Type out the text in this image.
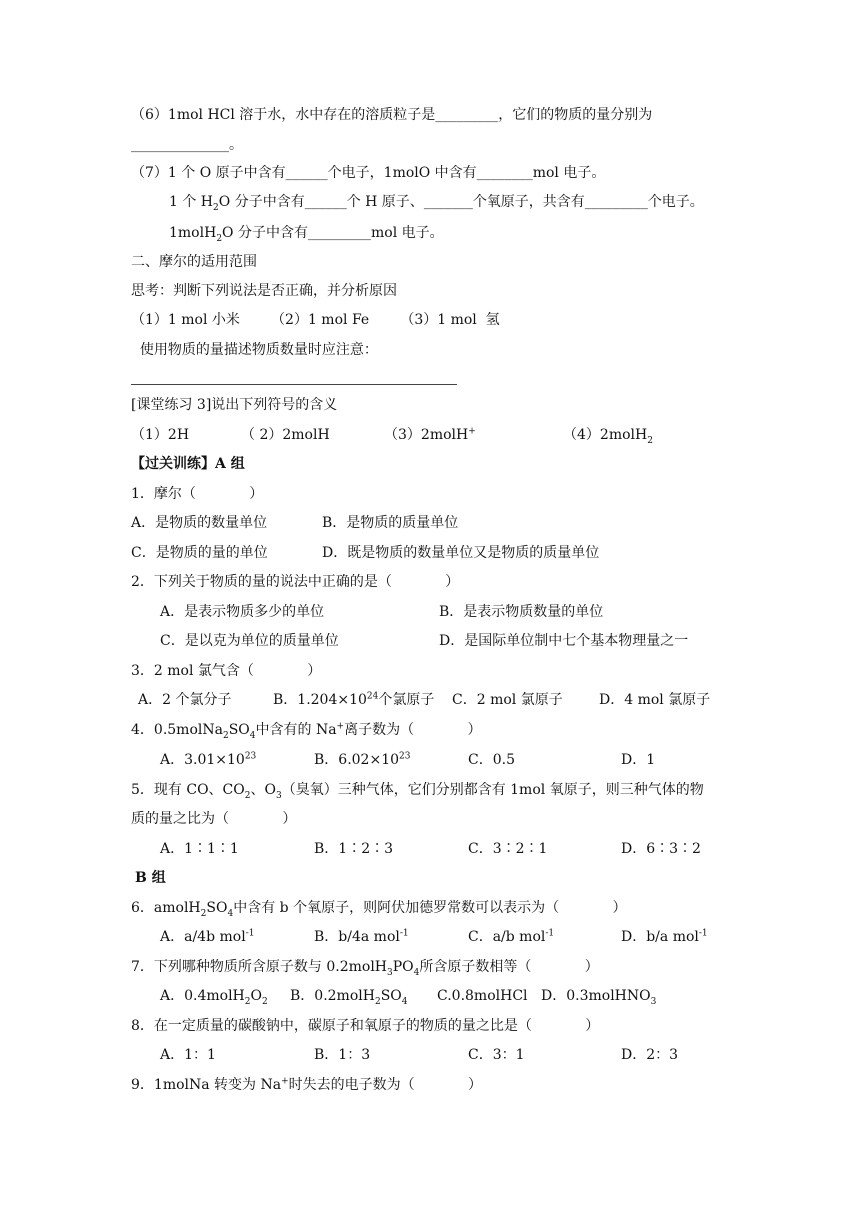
（6）1mol HCl 溶于水，水中存在的溶质粒子是_________，它们的物质的量分别为
______________。
（7）1 个 O 原子中含有______个电子，1molO 中含有________mol 电子。
1 个 $H_2O$ 分子中含有______个 H 原子、_______个氧原子，共含有_________个电子。
1molH$_2$O 分子中含有_________mol 电子。
二、摩尔的适用范围
思考：判断下列说法是否正确，并分析原因
（1）1 mol 小米       （2）1 mol Fe       （3）1 mol  氢
使用物质的量描述物质数量时应注意：
[课堂练习 3]说出下列符号的含义
（1）2H	（ 2）2molH	（3）2molH+	（4）2molH$_2$
【过关训练】A 组
1．摩尔（            ）
A．是物质的数量单位	B．是物质的质量单位
C．是物质的量的单位	D．既是物质的数量单位又是物质的质量单位
2．下列关于物质的量的说法中正确的是（            ）
A．是表示物质多少的单位	B．是表示物质数量的单位
C．是以克为单位的质量单位	D．是国际单位制中七个基本物理量之一
3．2 mol 氯气含（            ）
A．2 个氯分子	B．$1.204\times 10^{24}$个氯原子 C．2 mol 氯原子	D．4 mol 氯原子
4．$0.5molNa_2SO_4$中含有的 Na+离子数为（            ）
A．$3.01\times 10^{23}$	B．$6.02\times 10^{23}$	C．0.5	D．1
5．现有 CO、$CO_2$、$O_3$（臭氧）三种气体，它们分别都含有 1mol 氧原子，则三种气体的物
质的量之比为（            ）
A．1∶1∶1	B．1∶2∶3	C．3∶2∶1	D．6∶3∶2
B 组
6．$amolH_2SO_4$中含有 b 个氧原子，则阿伏加德罗常数可以表示为（            ）
A．a/4b mol$^{-1}$	B．b/4a mol$^{-1}$	C．a/b mol$^{-1}$	D．b/a mol$^{-1}$
7．下列哪种物质所含原子数与 $0.2molH_3PO_4$所含原子数相等（            ）
A．$0.4molH_2O_2$ B．$0.2molH_2SO_4$ C.0.8molHCl D．0.3molHNO$_3$
8．在一定质量的碳酸钠中，碳原子和氧原子的物质的量之比是（            ）
A．1：1	B．1：3	C．3：1	D．2：3
9．1molNa 转变为 Na+时失去的电子数为（            ）
